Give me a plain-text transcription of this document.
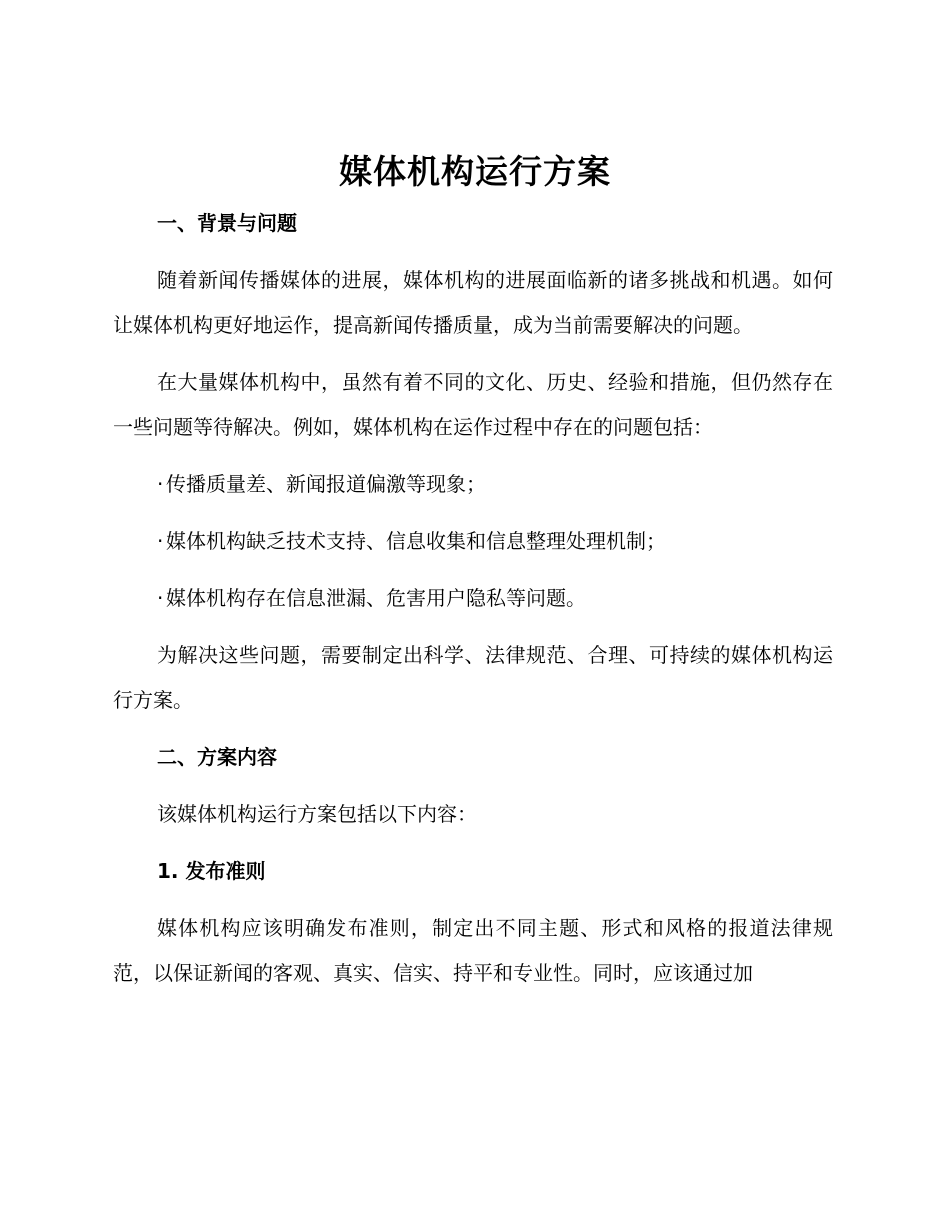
媒体机构运行方案

一、背景与问题

随着新闻传播媒体的进展，媒体机构的进展面临新的诸多挑战和机遇。如何让媒体机构更好地运作，提高新闻传播质量，成为当前需要解决的问题。

在大量媒体机构中，虽然有着不同的文化、历史、经验和措施，但仍然存在一些问题等待解决。例如，媒体机构在运作过程中存在的问题包括：

· 传播质量差、新闻报道偏激等现象；

· 媒体机构缺乏技术支持、信息收集和信息整理处理机制；

· 媒体机构存在信息泄漏、危害用户隐私等问题。

为解决这些问题，需要制定出科学、法律规范、合理、可持续的媒体机构运行方案。

二、方案内容

该媒体机构运行方案包括以下内容：

1. 发布准则

媒体机构应该明确发布准则，制定出不同主题、形式和风格的报道法律规范，以保证新闻的客观、真实、信实、持平和专业性。同时，应该通过加
